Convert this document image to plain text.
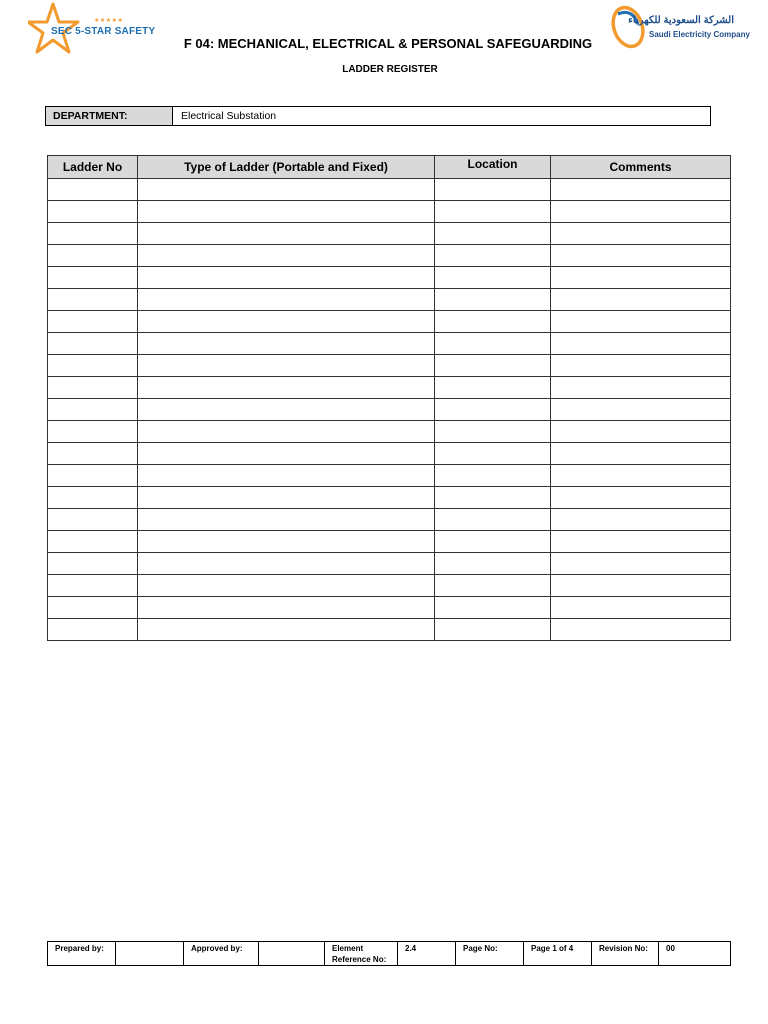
★★★★★
SEC 5-STAR SAFETY
الشركة السعودية للكهرباء
Saudi Electricity Company
F 04: MECHANICAL, ELECTRICAL & PERSONAL SAFEGUARDING
LADDER REGISTER
DEPARTMENT:	Electrical Substation
Ladder No	Type of Ladder (Portable and Fixed)	Location	Comments

Prepared by:		Approved by:		Element
Reference No:	2.4	Page No:	Page 1 of 4	Revision No:	00
